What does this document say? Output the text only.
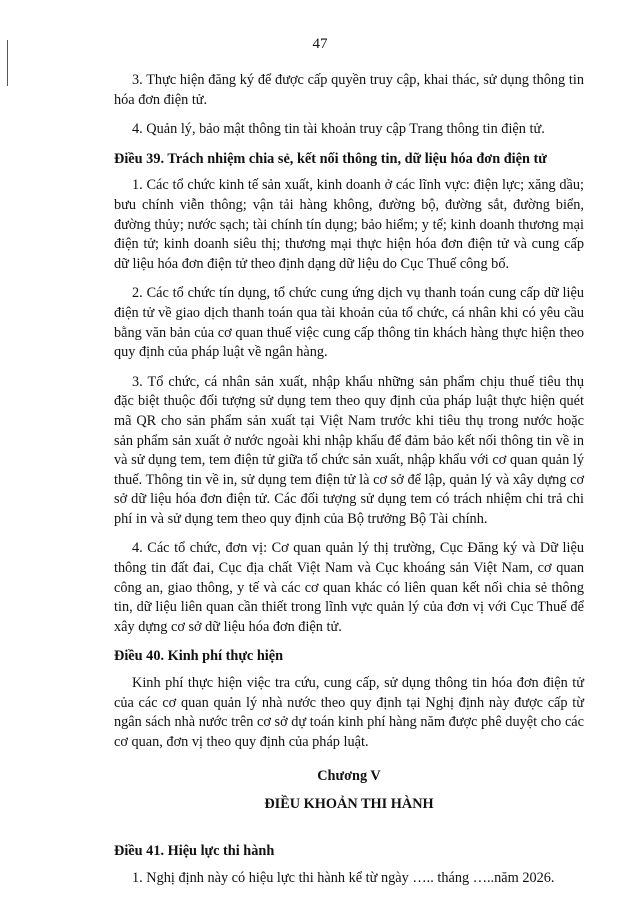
47

3. Thực hiện đăng ký để được cấp quyền truy cập, khai thác, sử dụng thông tin hóa đơn điện tử.

4. Quản lý, bảo mật thông tin tài khoản truy cập Trang thông tin điện tử.

Điều 39. Trách nhiệm chia sẻ, kết nối thông tin, dữ liệu hóa đơn điện tử

1. Các tổ chức kinh tế sản xuất, kinh doanh ở các lĩnh vực: điện lực; xăng dầu; bưu chính viễn thông; vận tải hàng không, đường bộ, đường sắt, đường biển, đường thủy; nước sạch; tài chính tín dụng; bảo hiểm; y tế; kinh doanh thương mại điện tử; kinh doanh siêu thị; thương mại thực hiện hóa đơn điện tử và cung cấp dữ liệu hóa đơn điện tử theo định dạng dữ liệu do Cục Thuế công bố.

2. Các tổ chức tín dụng, tổ chức cung ứng dịch vụ thanh toán cung cấp dữ liệu điện tử về giao dịch thanh toán qua tài khoản của tổ chức, cá nhân khi có yêu cầu bằng văn bản của cơ quan thuế việc cung cấp thông tin khách hàng thực hiện theo quy định của pháp luật về ngân hàng.

3. Tổ chức, cá nhân sản xuất, nhập khẩu những sản phẩm chịu thuế tiêu thụ đặc biệt thuộc đối tượng sử dụng tem theo quy định của pháp luật thực hiện quét mã QR cho sản phẩm sản xuất tại Việt Nam trước khi tiêu thụ trong nước hoặc sản phẩm sản xuất ở nước ngoài khi nhập khẩu để đảm bảo kết nối thông tin về in và sử dụng tem, tem điện tử giữa tổ chức sản xuất, nhập khẩu với cơ quan quản lý thuế. Thông tin về in, sử dụng tem điện tử là cơ sở để lập, quản lý và xây dựng cơ sở dữ liệu hóa đơn điện tử. Các đối tượng sử dụng tem có trách nhiệm chi trả chi phí in và sử dụng tem theo quy định của Bộ trưởng Bộ Tài chính.

4. Các tổ chức, đơn vị: Cơ quan quản lý thị trường, Cục Đăng ký và Dữ liệu thông tin đất đai, Cục địa chất Việt Nam và Cục khoáng sản Việt Nam, cơ quan công an, giao thông, y tế và các cơ quan khác có liên quan kết nối chia sẻ thông tin, dữ liệu liên quan cần thiết trong lĩnh vực quản lý của đơn vị với Cục Thuế để xây dựng cơ sở dữ liệu hóa đơn điện tử.

Điều 40. Kinh phí thực hiện

Kinh phí thực hiện việc tra cứu, cung cấp, sử dụng thông tin hóa đơn điện tử của các cơ quan quản lý nhà nước theo quy định tại Nghị định này được cấp từ ngân sách nhà nước trên cơ sở dự toán kinh phí hàng năm được phê duyệt cho các cơ quan, đơn vị theo quy định của pháp luật.

Chương V
ĐIỀU KHOẢN THI HÀNH
Điều 41. Hiệu lực thi hành

1. Nghị định này có hiệu lực thi hành kể từ ngày ….. tháng …..năm 2026.
